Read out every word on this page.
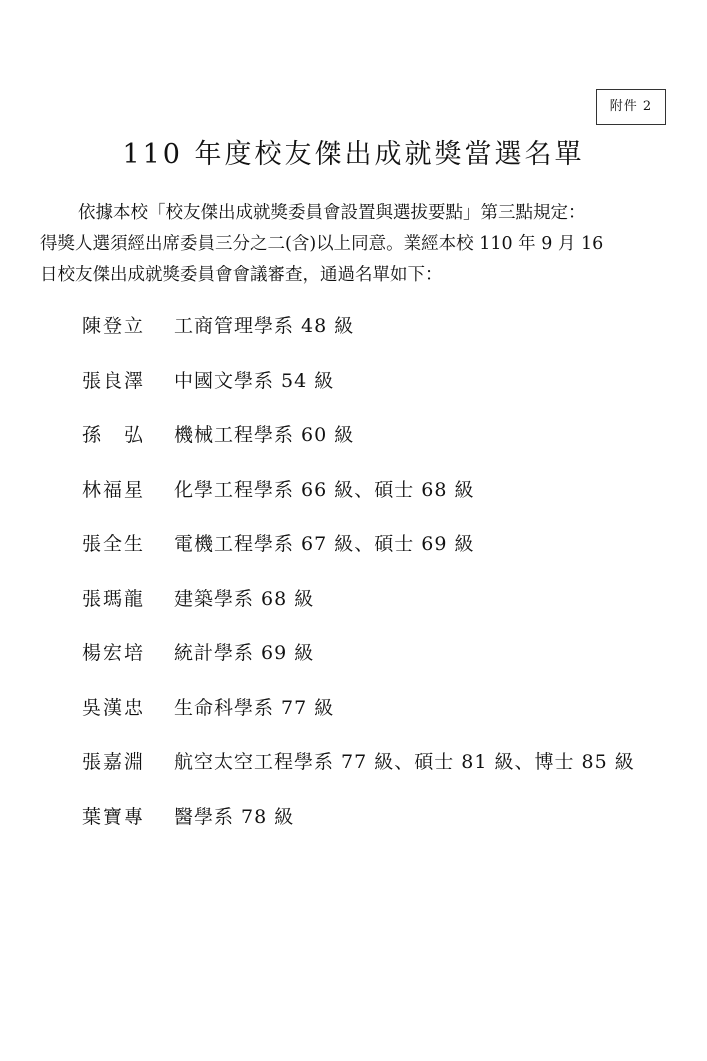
附件 2
110 年度校友傑出成就獎當選名單

依據本校「校友傑出成就獎委員會設置與選拔要點」第三點規定：
得獎人選須經出席委員三分之二(含)以上同意。業經本校 110 年 9 月 16
日校友傑出成就獎委員會會議審查，通過名單如下：

陳登立	工商管理學系 48 級
張良澤	中國文學系 54 級
孫　弘	機械工程學系 60 級
林福星	化學工程學系 66 級、碩士 68 級
張全生	電機工程學系 67 級、碩士 69 級
張瑪龍	建築學系 68 級
楊宏培	統計學系 69 級
吳漢忠	生命科學系 77 級
張嘉淵	航空太空工程學系 77 級、碩士 81 級、博士 85 級
葉寶專	醫學系 78 級
